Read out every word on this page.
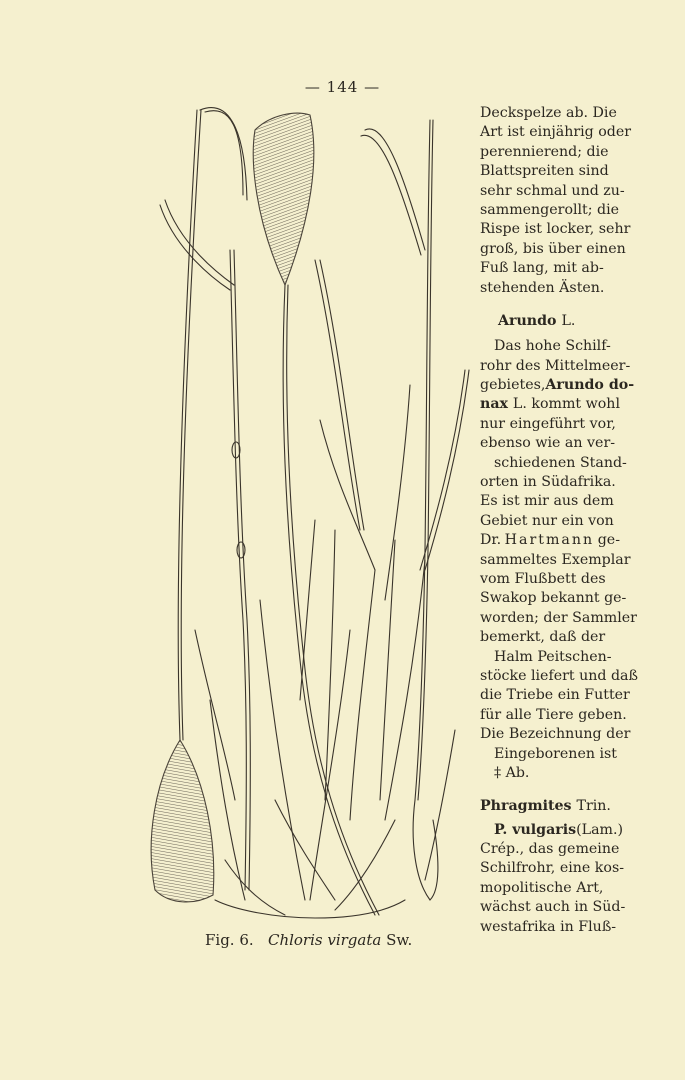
— 144 —
Fig. 6. Chloris virgata Sw.
Deckspelze ab. Die
Art ist einjährig oder
perennierend; die
Blattspreiten sind
sehr schmal und zu-
sammengerollt; die
Rispe ist locker, sehr
groß, bis über einen
Fuß lang, mit ab-
stehenden Ästen.
Arundo
L.
Das hohe Schilf-
rohr des Mittelmeer-
gebietes, Arundo do-
nax
L. kommt wohl
nur eingeführt vor,
ebenso wie an ver-
schiedenen Stand-
orten in Südafrika.
Es ist mir aus dem
Gebiet nur ein von
Dr. Hartmann ge-
sammeltes Exemplar
vom Flußbett des
Swakop bekannt ge-
worden; der Sammler
bemerkt, daß der
Halm Peitschen-
stöcke liefert und daß
die Triebe ein Futter
für alle Tiere geben.
Die Bezeichnung der
Eingeborenen ist
‡ Ab.
Phragmites
Trin.
P. vulgaris (Lam.)
Crép., das gemeine
Schilfrohr, eine kos-
mopolitische Art,
wächst auch in Süd-
westafrika in Fluß-
